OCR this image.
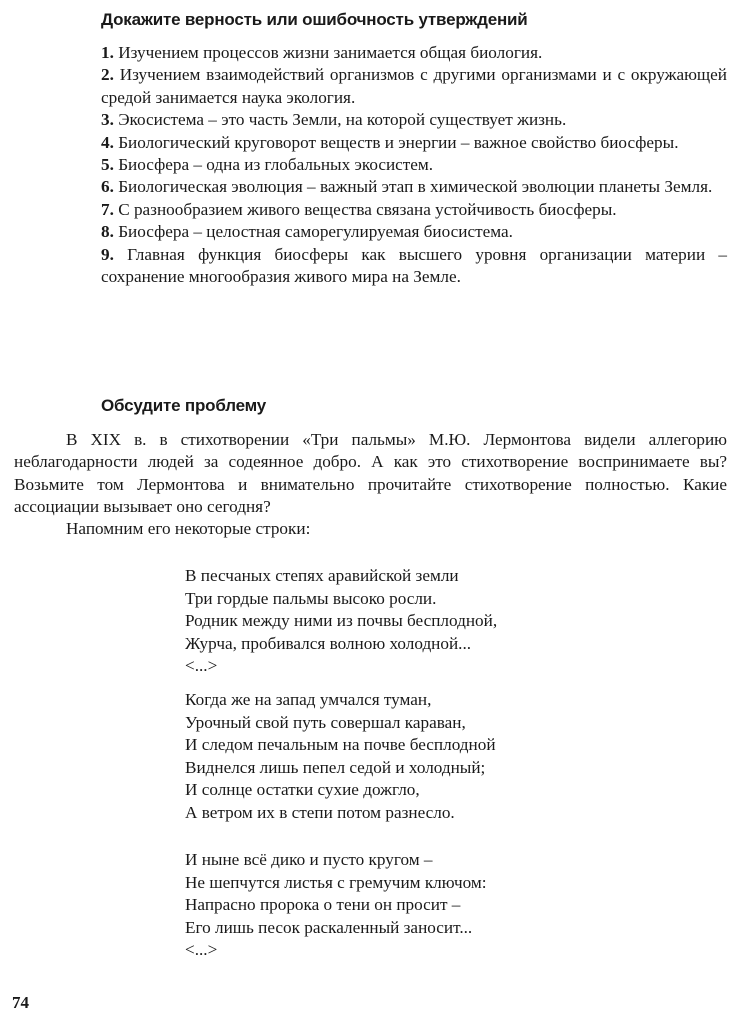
Докажите верность или ошибочность утверждений
1. Изучением процессов жизни занимается общая биология.
2. Изучением взаимодействий организмов с другими организмами и с окружающей средой занимается наука экология.
3. Экосистема – это часть Земли, на которой существует жизнь.
4. Биологический круговорот веществ и энергии – важное свойство биосферы.
5. Биосфера – одна из глобальных экосистем.
6. Биологическая эволюция – важный этап в химической эволюции планеты Земля.
7. С разнообразием живого вещества связана устойчивость биосферы.
8. Биосфера – целостная саморегулируемая биосистема.
9. Главная функция биосферы как высшего уровня организации материи – сохранение многообразия живого мира на Земле.
Обсудите проблему

В XIX в. в стихотворении «Три пальмы» М.Ю. Лермонтова видели аллегорию неблагодарности людей за содеянное добро. А как это стихотворение воспринимаете вы? Возьмите том Лермонтова и внимательно прочитайте стихотворение полностью. Какие ассоциации вызывает оно сегодня?

Напомним его некоторые строки:

В песчаных степях аравийской земли
Три гордые пальмы высоко росли.
Родник между ними из почвы бесплодной,
Журча, пробивался волною холодной...
<...>
Когда же на запад умчался туман,
Урочный свой путь совершал караван,
И следом печальным на почве бесплодной
Виднелся лишь пепел седой и холодный;
И солнце остатки сухие дожгло,
А ветром их в степи потом разнесло.
И ныне всё дико и пусто кругом –
Не шепчутся листья с гремучим ключом:
Напрасно пророка о тени он просит –
Его лишь песок раскаленный заносит...
<...>
74
